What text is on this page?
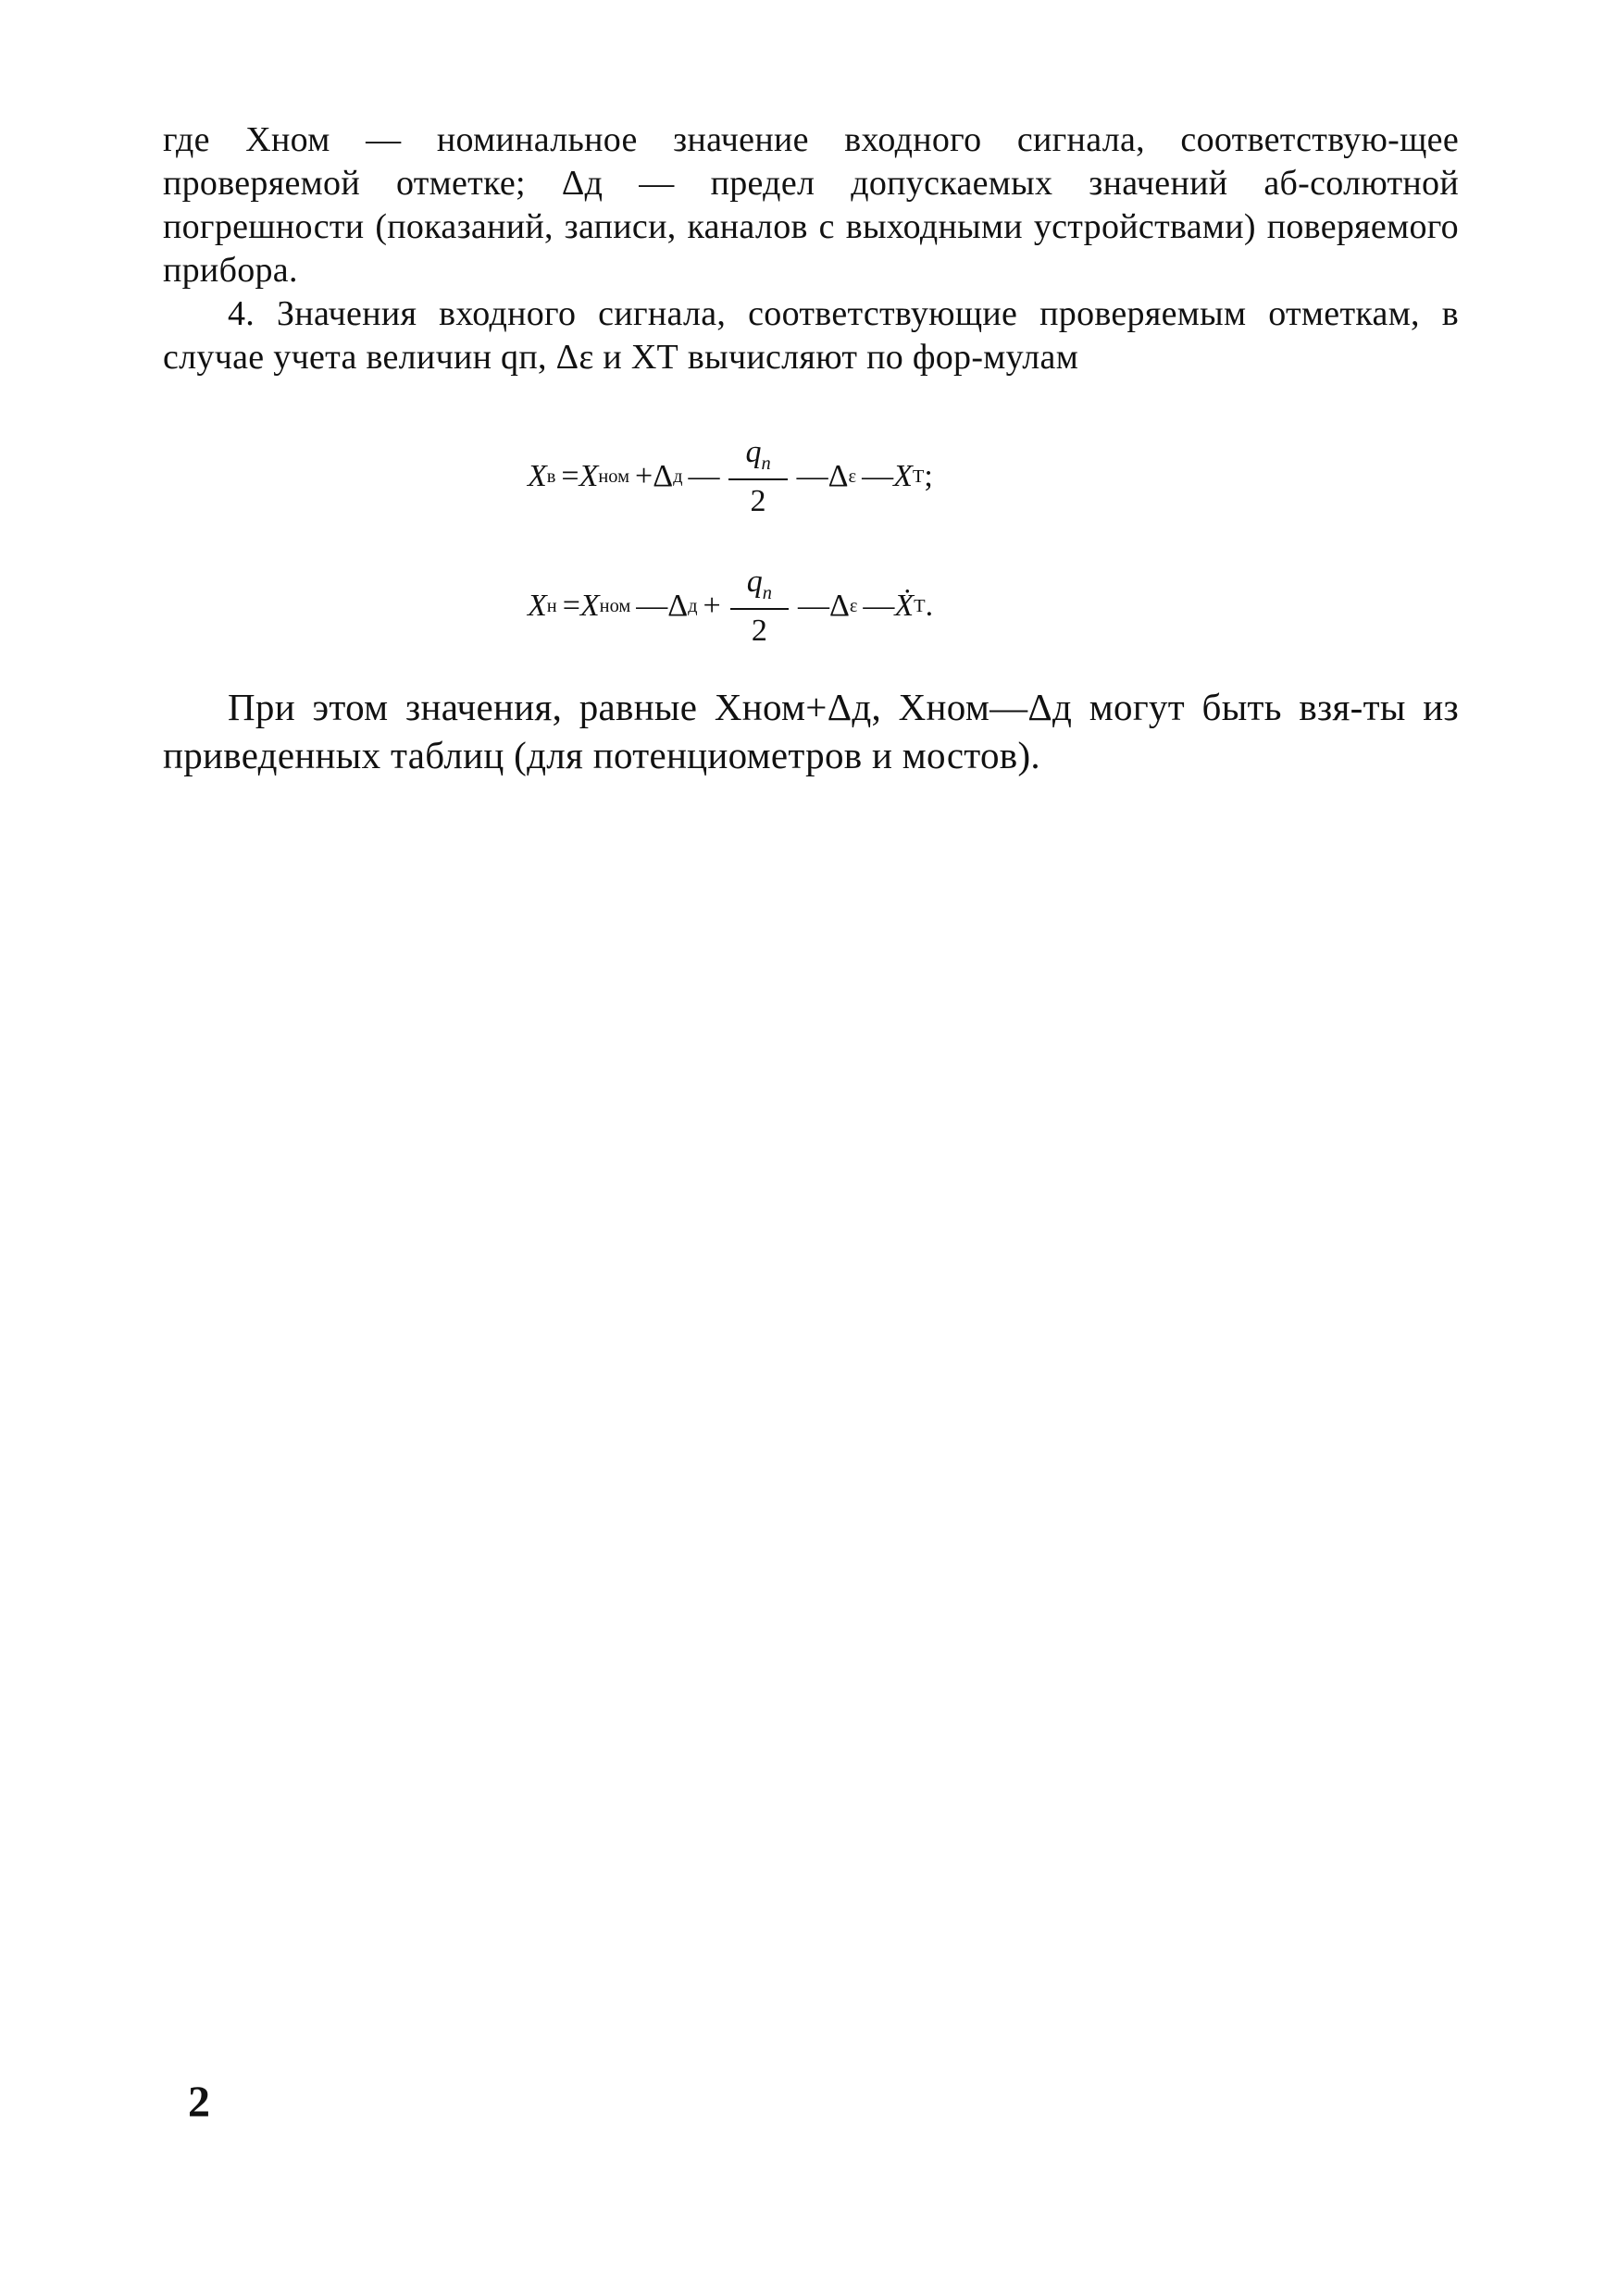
где Xном — номинальное значение входного сигнала, соответствую-щее проверяемой отметке; Δд — предел допускаемых значений аб-солютной погрешности (показаний, записи, каналов с выходными устройствами) поверяемого прибора.

4. Значения входного сигнала, соответствующие проверяемым отметкам, в случае учета величин qп, Δε и XТ вычисляют по фор-мулам

X в = X ном + Δ д — $\frac{q_п}{2}$ — Δ ε — X Т ;
X н = X ном — Δ $д + \frac{q_п}{2}$ — Δ ε — Ẋ Т .

При этом значения, равные Xном+Δд, Xном—Δд могут быть взя-ты из приведенных таблиц (для потенциометров и мостов).

2
